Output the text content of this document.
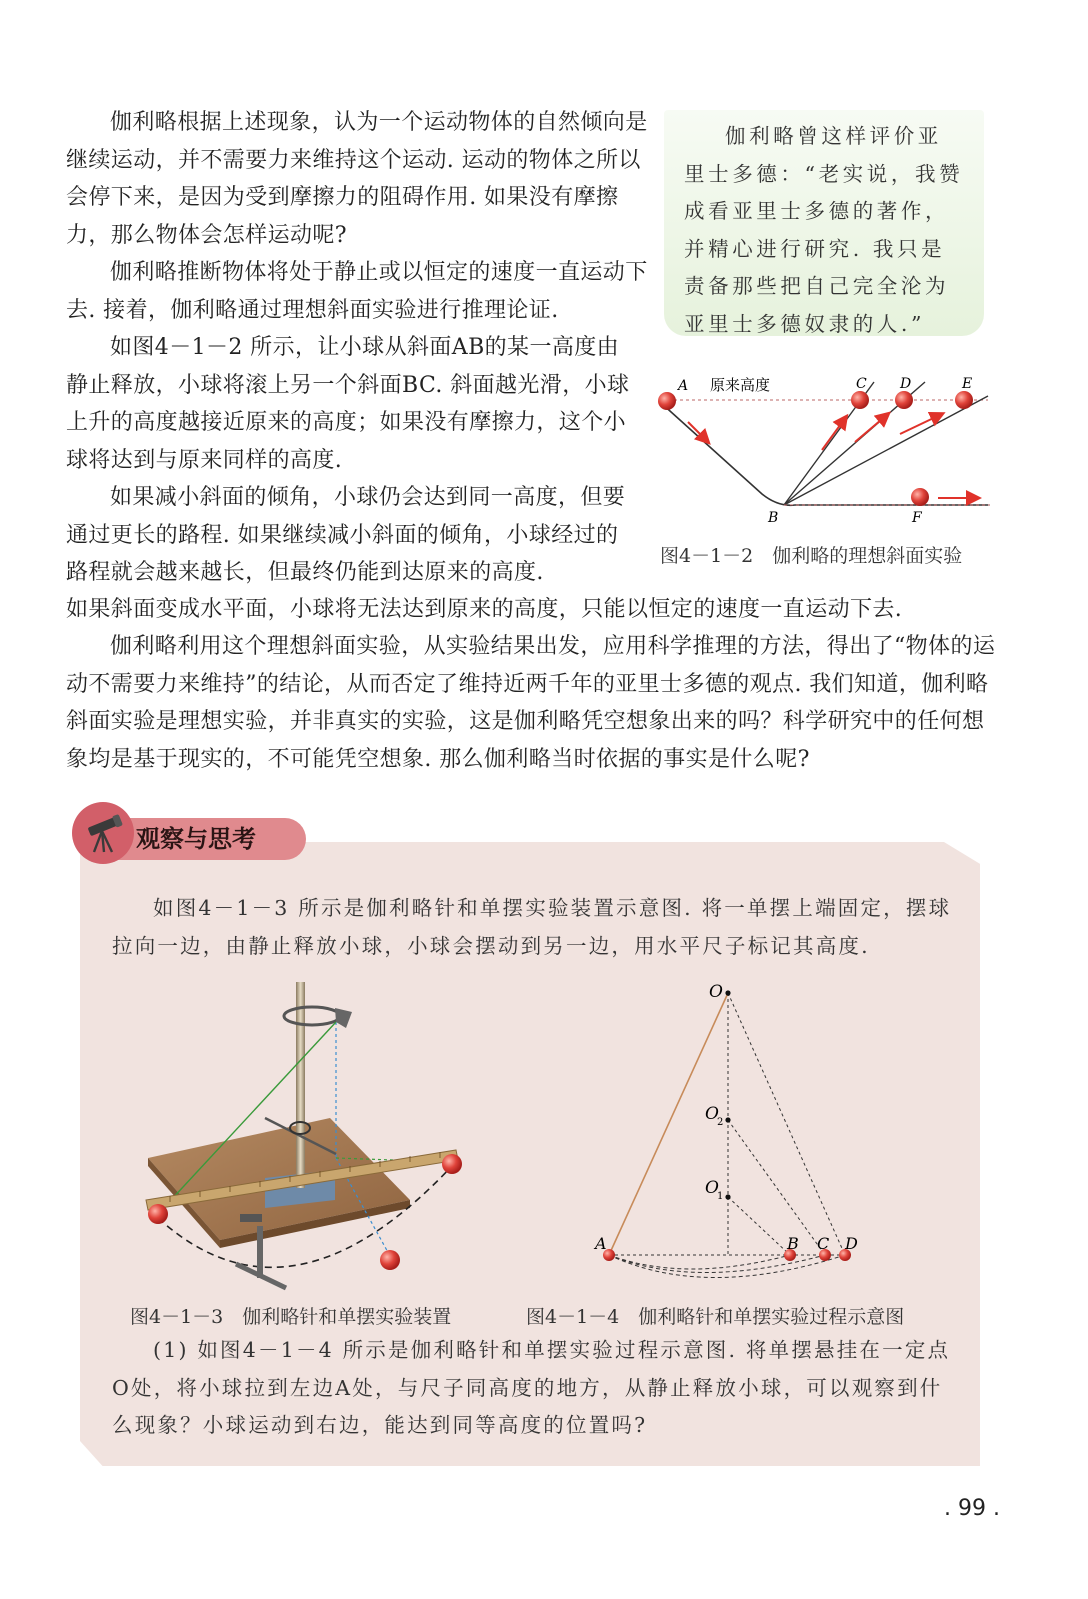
伽利略根据上述现象，认为一个运动物体的自然倾向是继续运动，并不需要力来维持这个运动. 运动的物体之所以会停下来，是因为受到摩擦力的阻碍作用. 如果没有摩擦力，那么物体会怎样运动呢?

伽利略推断物体将处于静止或以恒定的速度一直运动下去. 接着，伽利略通过理想斜面实验进行推理论证.

如图4－1－2 所示，让小球从斜面AB的某一高度由静止释放，小球将滚上另一个斜面BC. 斜面越光滑，小球上升的高度越接近原来的高度；如果没有摩擦力，这个小球将达到与原来同样的高度.

如果减小斜面的倾角，小球仍会达到同一高度，但要通过更长的路程. 如果继续减小斜面的倾角，小球经过的路程就会越来越长，但最终仍能到达原来的高度.

如果斜面变成水平面，小球将无法达到原来的高度，只能以恒定的速度一直运动下去.

伽利略利用这个理想斜面实验，从实验结果出发，应用科学推理的方法，得出了“物体的运动不需要力来维持”的结论，从而否定了维持近两千年的亚里士多德的观点. 我们知道，伽利略斜面实验是理想实验，并非真实的实验，这是伽利略凭空想象出来的吗？科学研究中的任何想象均是基于现实的，不可能凭空想象. 那么伽利略当时依据的事实是什么呢?

伽利略曾这样评价亚里士多德：“老实说，我赞成看亚里士多德的著作，并精心进行研究. 我只是责备那些把自己完全沦为亚里士多德奴隶的人.”

A 原来高度
B
C D	E
F

图4－1－2　伽利略的理想斜面实验

观察与思考

如图4－1－3 所示是伽利略针和单摆实验装置示意图. 将一单摆上端固定，摆球拉向一边，由静止释放小球，小球会摆动到另一边，用水平尺子标记其高度.

图4－1－3　伽利略针和单摆实验装置

O
O
2
O
1
A	B C D

图4－1－4　伽利略针和单摆实验过程示意图

(1) 如图4－1－4 所示是伽利略针和单摆实验过程示意图. 将单摆悬挂在一定点O处，将小球拉到左边A处，与尺子同高度的地方，从静止释放小球，可以观察到什么现象？小球运动到右边，能达到同等高度的位置吗?

. 99 .
